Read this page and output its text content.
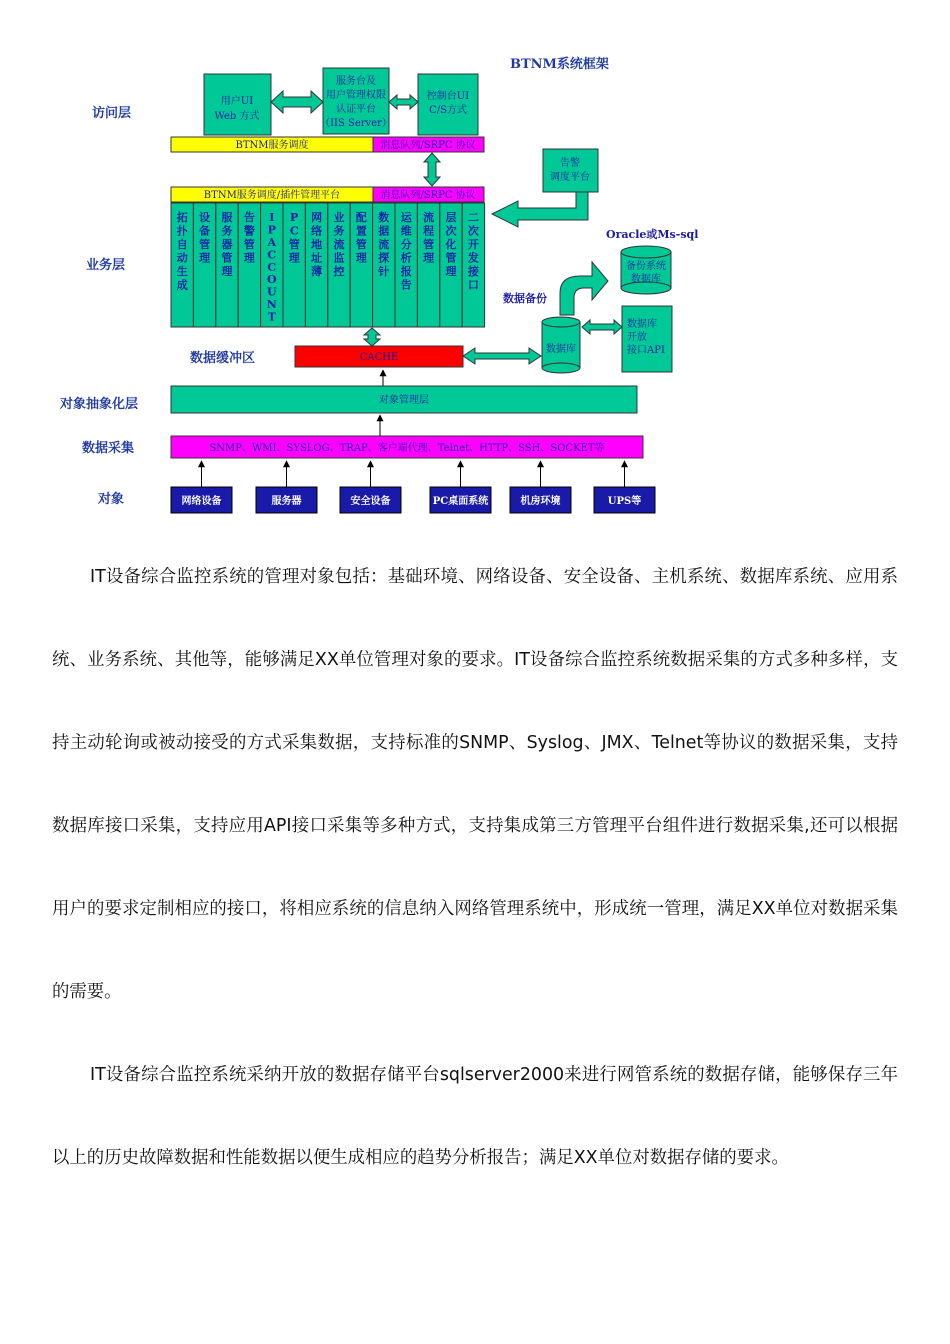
BTNM系统框架
访问层
业务层
数据缓冲区
对象抽象化层
数据采集
对象
用户UI
Web 方式
服务台及
用户管理权限
认证平台
（IIS Server）
控制台UI
C/S方式
BTNM服务调度	消息队列/SRPC 协议
BTNM服务调度/插件管理平台	消息队列/SRPC 协议
拓扑自动生成
设备管理
服务器管理
告警管理
I P A C C O U N T
P C 管理
网络地址薄
业务流监控
配置管理
数据流探针
运维分析报告
流程管理
层次化管理
二次开发接口
告警
调度平台
Oracle或Ms-sql
备份系统
数据库
数据备份
数据库
数据库
开放
接口API
CACHE
对象管理层
SNMP、WMI、SYSLOG、TRAP、客户端代理、Telnet、HTTP、SSH、SOCKET等
网络设备	服务器	安全设备	PC桌面系统	机房环境	UPS等

IT设备综合监控系统的管理对象包括：基础环境、网络设备、安全设备、主机系统、数据库系统、应用系统、业务系统、其他等，能够满足XX单位管理对象的要求。IT设备综合监控系统数据采集的方式多种多样，支持主动轮询或被动接受的方式采集数据，支持标准的SNMP、Syslog、JMX、Telnet等协议的数据采集，支持数据库接口采集，支持应用API接口采集等多种方式，支持集成第三方管理平台组件进行数据采集,还可以根据用户的要求定制相应的接口，将相应系统的信息纳入网络管理系统中，形成统一管理，满足XX单位对数据采集的需要。

IT设备综合监控系统采纳开放的数据存储平台sqlserver2000来进行网管系统的数据存储，能够保存三年以上的历史故障数据和性能数据以便生成相应的趋势分析报告；满足XX单位对数据存储的要求。
